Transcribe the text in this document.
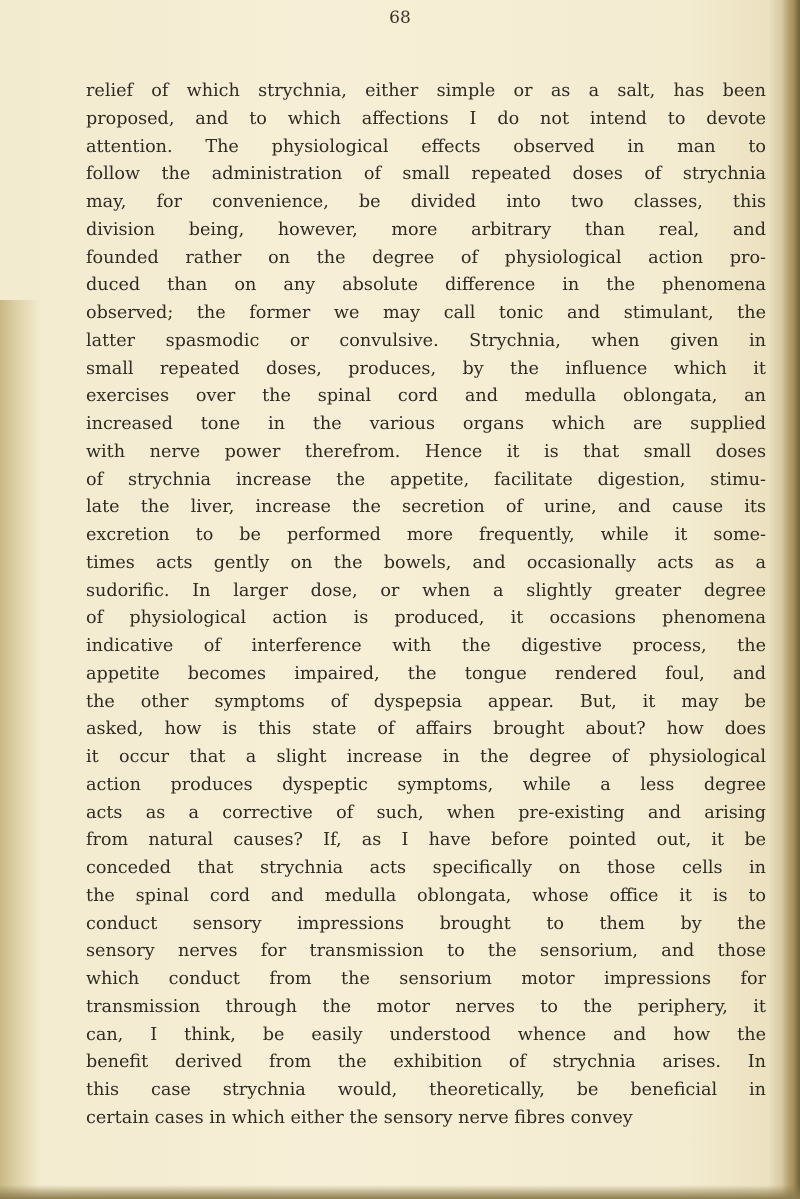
68
relief of which strychnia, either simple or as a salt, has been
proposed, and to which affections I do not intend to devote
attention. The physiological effects observed in man to
follow the administration of small repeated doses of strychnia
may, for convenience, be divided into two classes, this
division being, however, more arbitrary than real, and
founded rather on the degree of physiological action pro-
duced than on any absolute difference in the phenomena
observed; the former we may call tonic and stimulant, the
latter spasmodic or convulsive. Strychnia, when given in
small repeated doses, produces, by the influence which it
exercises over the spinal cord and medulla oblongata, an
increased tone in the various organs which are supplied
with nerve power therefrom. Hence it is that small doses
of strychnia increase the appetite, facilitate digestion, stimu-
late the liver, increase the secretion of urine, and cause its
excretion to be performed more frequently, while it some-
times acts gently on the bowels, and occasionally acts as a
sudorific. In larger dose, or when a slightly greater degree
of physiological action is produced, it occasions phenomena
indicative of interference with the digestive process, the
appetite becomes impaired, the tongue rendered foul, and
the other symptoms of dyspepsia appear. But, it may be
asked, how is this state of affairs brought about? how does
it occur that a slight increase in the degree of physiological
action produces dyspeptic symptoms, while a less degree
acts as a corrective of such, when pre-existing and arising
from natural causes? If, as I have before pointed out, it be
conceded that strychnia acts specifically on those cells in
the spinal cord and medulla oblongata, whose office it is to
conduct sensory impressions brought to them by the
sensory nerves for transmission to the sensorium, and those
which conduct from the sensorium motor impressions for
transmission through the motor nerves to the periphery, it
can, I think, be easily understood whence and how the
benefit derived from the exhibition of strychnia arises. In
this case strychnia would, theoretically, be beneficial in
certain cases in which either the sensory nerve fibres convey
